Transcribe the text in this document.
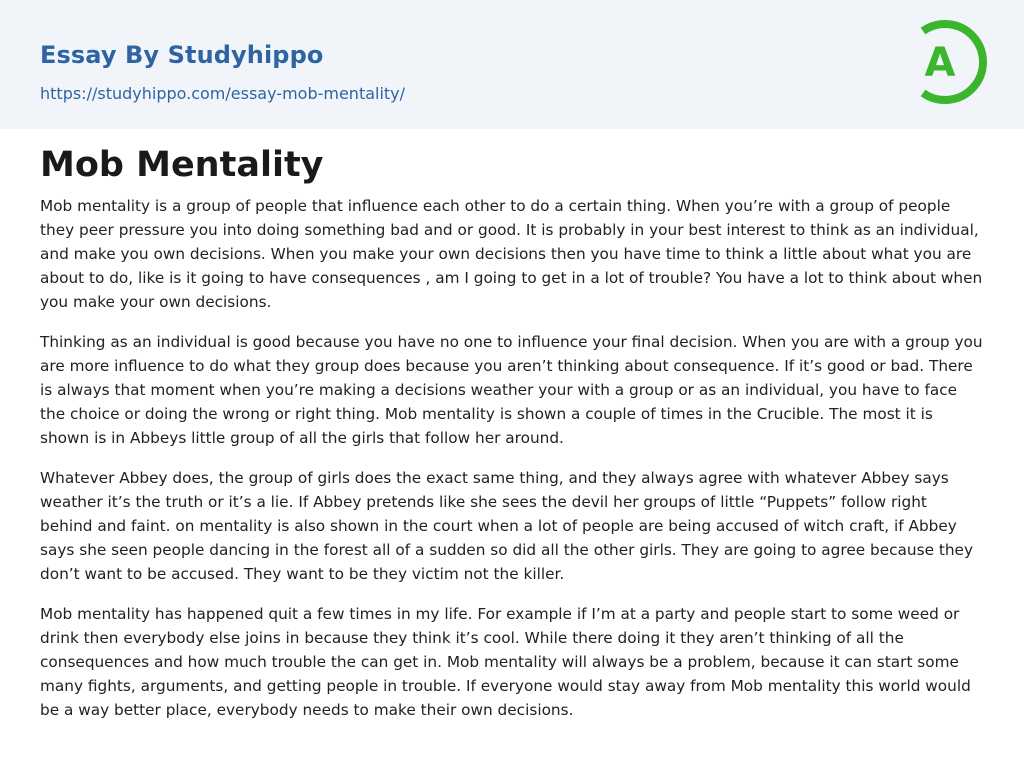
Essay By Studyhippo
https://studyhippo.com/essay-mob-mentality/
A
Mob Mentality

Mob mentality is a group of people that influence each other to do a certain thing. When you’re with a group of people they peer pressure you into doing something bad and or good. It is probably in your best interest to think as an individual, and make you own decisions. When you make your own decisions then you have time to think a little about what you are about to do, like is it going to have consequences , am I going to get in a lot of trouble? You have a lot to think about when you make your own decisions.

Thinking as an individual is good because you have no one to influence your final decision. When you are with a group you are more influence to do what they group does because you aren’t thinking about consequence. If it’s good or bad. There is always that moment when you’re making a decisions weather your with a group or as an individual, you have to face the choice or doing the wrong or right thing. Mob mentality is shown a couple of times in the Crucible. The most it is shown is in Abbeys little group of all the girls that follow her around.

Whatever Abbey does, the group of girls does the exact same thing, and they always agree with whatever Abbey says weather it’s the truth or it’s a lie. If Abbey pretends like she sees the devil her groups of little “Puppets” follow right behind and faint. on mentality is also shown in the court when a lot of people are being accused of witch craft, if Abbey says she seen people dancing in the forest all of a sudden so did all the other girls. They are going to agree because they don’t want to be accused. They want to be they victim not the killer.

Mob mentality has happened quit a few times in my life. For example if I’m at a party and people start to some weed or drink then everybody else joins in because they think it’s cool. While there doing it they aren’t thinking of all the consequences and how much trouble the can get in. Mob mentality will always be a problem, because it can start some many fights, arguments, and getting people in trouble. If everyone would stay away from Mob mentality this world would be a way better place, everybody needs to make their own decisions.
